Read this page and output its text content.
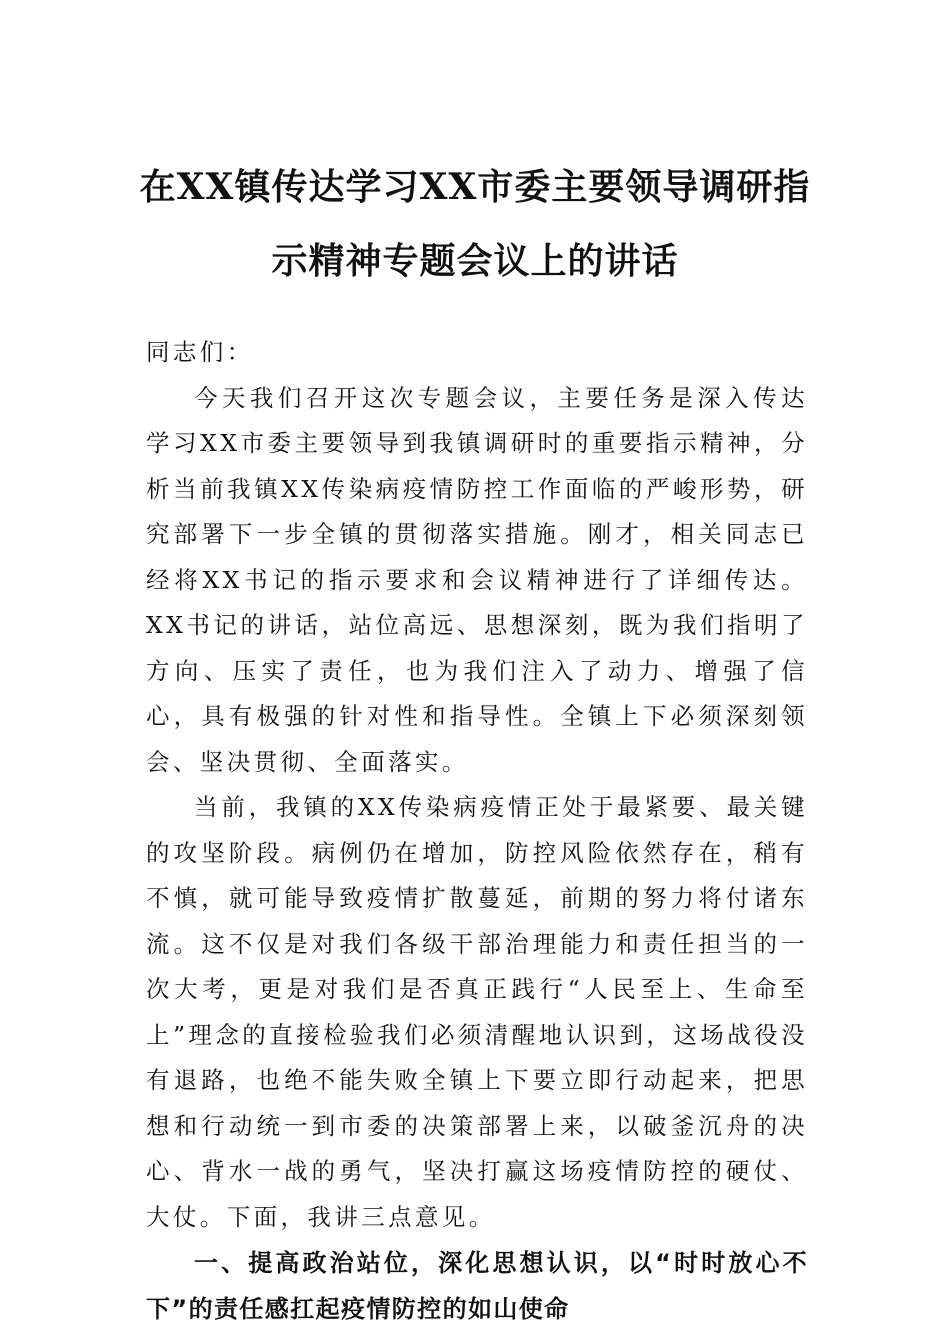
在XX镇传达学习XX市委主要领导调研指
示精神专题会议上的讲话

同志们：

今天我们召开这次专题会议，主要任务是深入传达学习XX市委主要领导到我镇调研时的重要指示精神，分析当前我镇XX传染病疫情防控工作面临的严峻形势，研究部署下一步全镇的贯彻落实措施。刚才，相关同志已经将XX书记的指示要求和会议精神进行了详细传达。XX书记的讲话，站位高远、思想深刻，既为我们指明了方向、压实了责任，也为我们注入了动力、增强了信心，具有极强的针对性和指导性。全镇上下必须深刻领会、坚决贯彻、全面落实。

当前，我镇的XX传染病疫情正处于最紧要、最关键的攻坚阶段。病例仍在增加，防控风险依然存在，稍有不慎，就可能导致疫情扩散蔓延，前期的努力将付诸东流。这不仅是对我们各级干部治理能力和责任担当的一次大考，更是对我们是否真正践行“人民至上、生命至上”理念的直接检验我们必须清醒地认识到，这场战役没有退路，也绝不能失败全镇上下要立即行动起来，把思想和行动统一到市委的决策部署上来，以破釜沉舟的决心、背水一战的勇气，坚决打赢这场疫情防控的硬仗、大仗。下面，我讲三点意见。

一、提高政治站位，深化思想认识，以“时时放心不下”的责任感扛起疫情防控的如山使命
